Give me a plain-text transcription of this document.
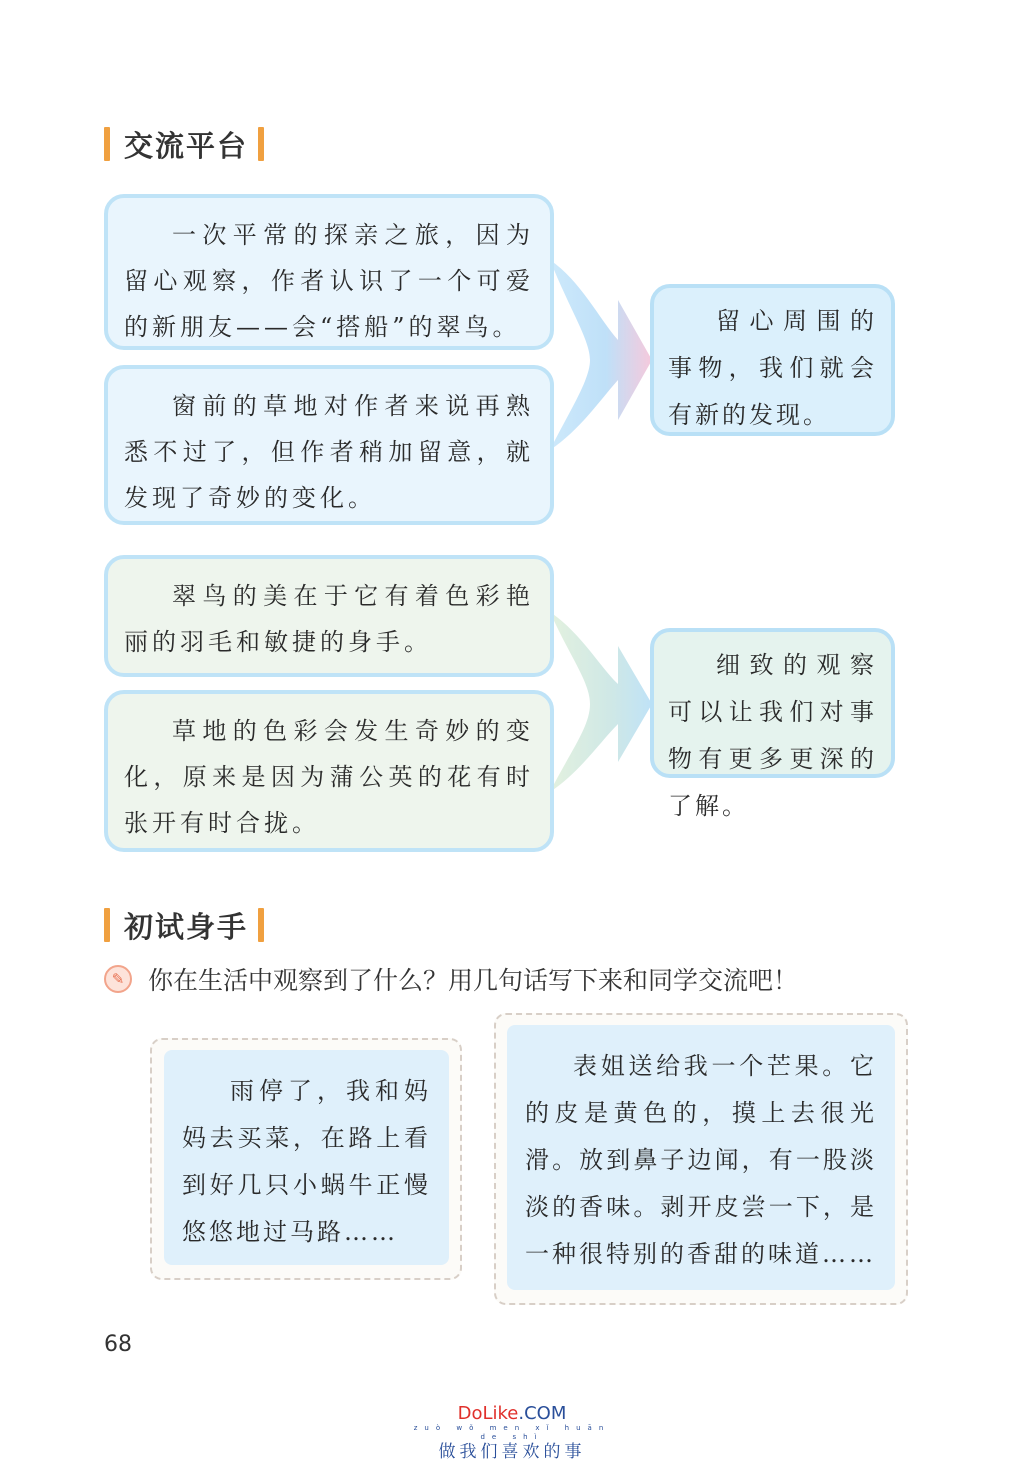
交流平台
一次平常的探亲之旅，因为留心观察，作者认识了一个可爱的新朋友——会“搭船”的翠鸟。
窗前的草地对作者来说再熟悉不过了，但作者稍加留意，就发现了奇妙的变化。
留心周围的事物，我们就会有新的发现。
翠鸟的美在于它有着色彩艳丽的羽毛和敏捷的身手。
草地的色彩会发生奇妙的变化，原来是因为蒲公英的花有时张开有时合拢。
细致的观察可以让我们对事物有更多更深的了解。
初试身手
✎ 你在生活中观察到了什么？用几句话写下来和同学交流吧！
雨停了，我和妈妈去买菜，在路上看到好几只小蜗牛正慢悠悠地过马路……
表姐送给我一个芒果。它的皮是黄色的，摸上去很光滑。放到鼻子边闻，有一股淡淡的香味。剥开皮尝一下，是一种很特别的香甜的味道……
68
DoLike.COM
zuò wǒ men xǐ huān de shì
做我们喜欢的事
